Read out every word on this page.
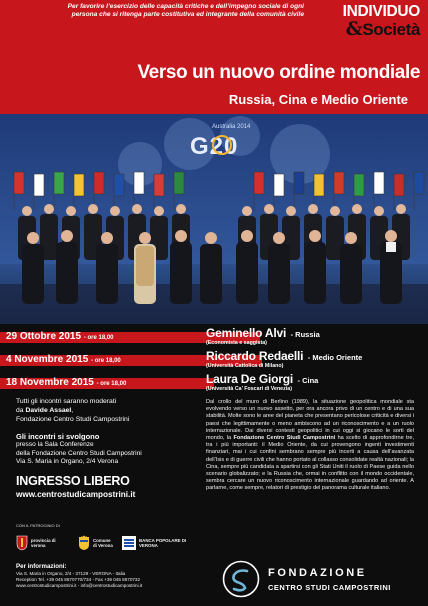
Per favorire l’esercizio delle capacità critiche e dell’impegno sociale di ogni persona che si ritenga parte costitutiva ed integrante della comunità civile INDIVIDUO
&Società
Verso un nuovo ordine mondiale
Russia, Cina e Medio Oriente
Australia 2014
G20
29 Ottobre 2015 - ore 18,00
4 Novembre 2015 - ore 18,00
18 Novembre 2015 - ore 18,00
Geminello Alvi - Russia
(Economista e saggista)
Riccardo Redaelli - Medio Oriente
(Università Cattolica di Milano)
Laura De Giorgi - Cina
(Università Ca’ Foscari di Venezia)
Tutti gli incontri saranno moderati
da Davide Assael,
Fondazione Centro Studi Campostrini
Gli incontri si svolgono
presso la Sala Conferenze
della Fondazione Centro Studi Campostrini
Via S. Maria in Organo, 2/4 Verona
INGRESSO LIBERO
www.centrostudicampostrini.it
CON IL PATROCINIO DI
provincia di verona
Comune di Verona
BANCA POPOLARE DI VERONA
Per informazioni:
Via S. Maria in Organo, 2/4 - 37129 - VERONA - Italia
Reception Tel. +39 045 8670770/734 - Fax +39 045 8670732
www.centrostudicampostrini.it - info@centrostudicampostrini.it
Dal crollo del muro di Berlino (1989), la situazione geopolitica mondiale sta evolvendo verso un nuovo assetto, per ora ancora privo di un centro e di una sua stabilità. Molte sono le aree del pianeta che presentano pericolose criticità e diversi i paesi che legittimamente o meno ambiscono ad un riconoscimento e a un ruolo internazionale. Dai diversi contesti geopolitici in cui oggi si giocano le sorti del mondo, la Fondazione Centro Studi Campostrini ha scelto di approfondirne tre, tra i più importanti: il Medio Oriente, da cui provengono ingenti investimenti finanziari, mai i cui confini sembrano sempre più incerti a causa dell’avanzata dell’Isis e di guerre civili che hanno portato al collasso consolidate realtà nazionali; la Cina, sempre più candidata a spartirsi con gli Stati Uniti il ruolo di Paese guida nello scenario globalizzato; e la Russia che, ormai in conflitto con il mondo occidentale, sembra cercare un nuovo riconoscimento internazionale guardando ad oriente. A parlarne, come sempre, relatori di prestigio del panorama culturale italiano.
FONDAZIONE
CENTRO STUDI CAMPOSTRINI
